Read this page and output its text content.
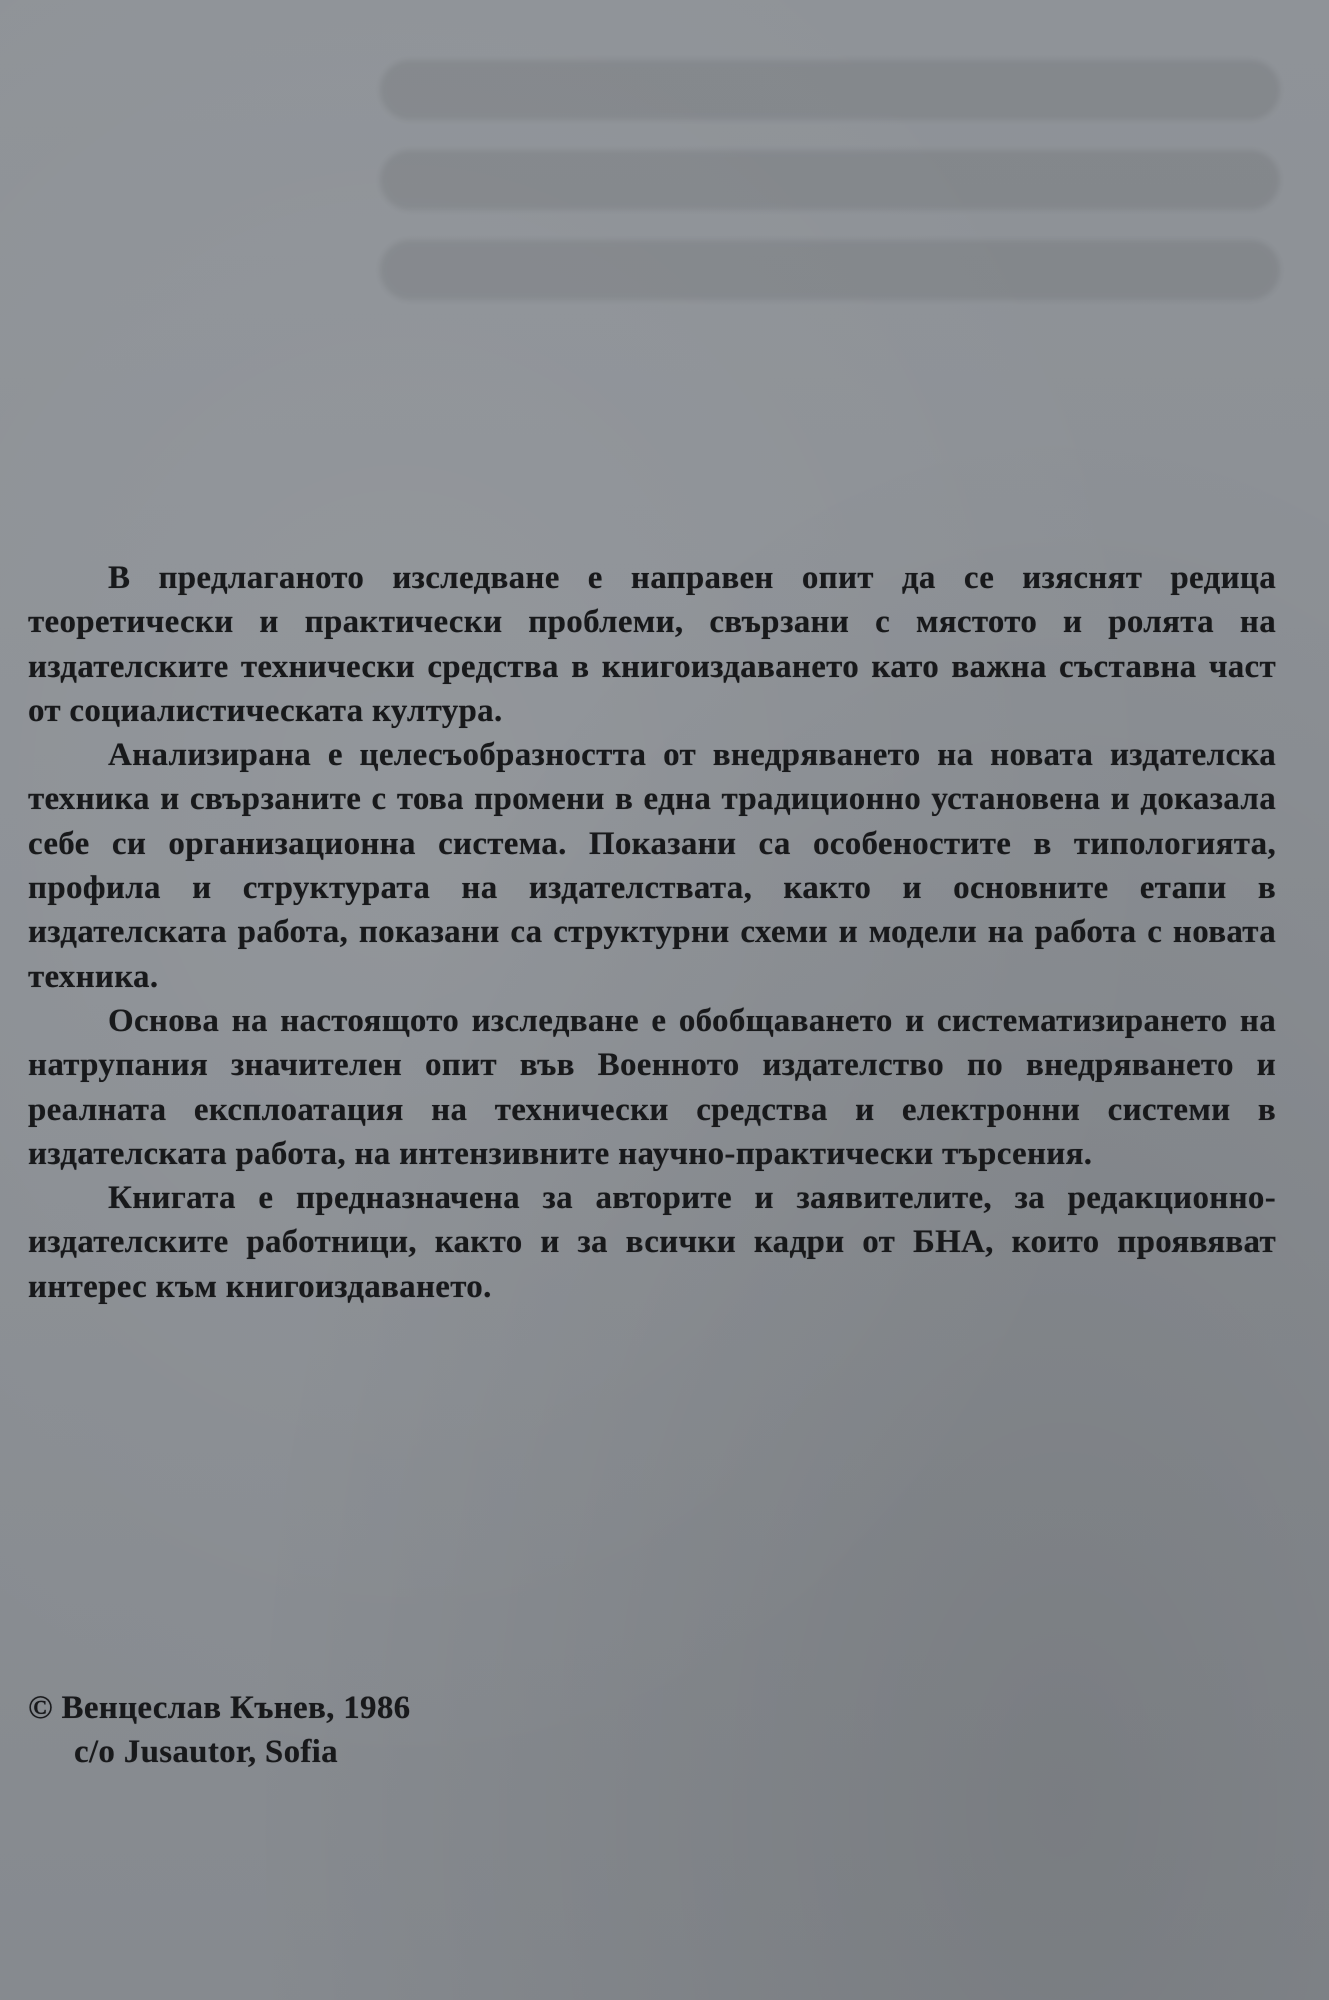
В предлаганото изследване е направен опит да се изяснят редица теоретически и практически проблеми, свързани с мястото и ролята на издателските технически средства в книгоиздаването като важна съставна част от социалистическата култура.

Анализирана е целесъобразността от внедряването на новата издателска техника и свързаните с това промени в една традиционно установена и доказала себе си организационна система. Показани са особеностите в типологията, профила и структурата на издателствата, както и основните етапи в издателската работа, показани са структурни схеми и модели на работа с новата техника.

Основа на настоящото изследване е обобщаването и систематизирането на натрупания значителен опит във Военното издателство по внедряването и реалната експлоатация на технически средства и електронни системи в издателската работа, на интензивните научно-практически търсения.

Книгата е предназначена за авторите и заявителите, за редакционно-издателските работници, както и за всички кадри от БНА, които проявяват интерес към книгоиздаването.

© Венцеслав Кънев, 1986
c/o Jusautor, Sofia
